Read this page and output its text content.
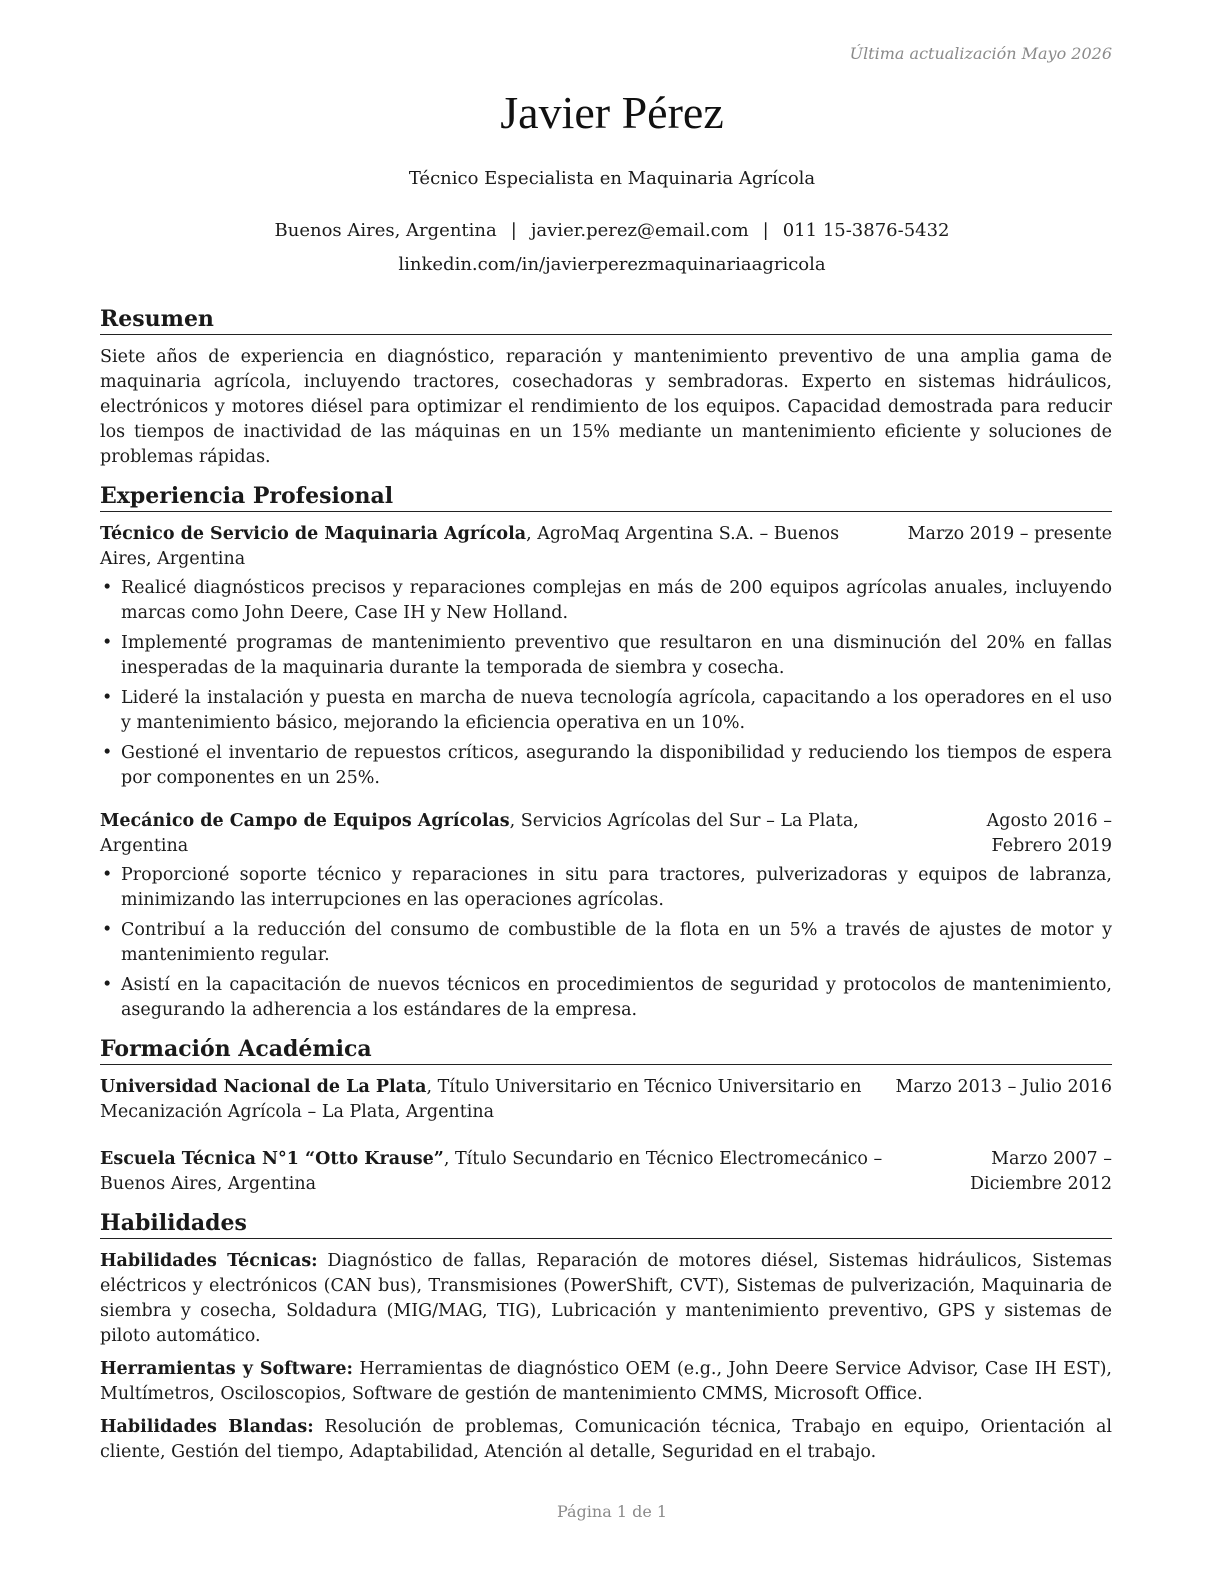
Última actualización Mayo 2026
Javier Pérez
Técnico Especialista en Maquinaria Agrícola
Buenos Aires, Argentina | javier.perez@email.com | 011 15-3876-5432
linkedin.com/in/javierperezmaquinariaagricola
Resumen

Siete años de experiencia en diagnóstico, reparación y mantenimiento preventivo de una amplia gama de maquinaria agrícola, incluyendo tractores, cosechadoras y sembradoras. Experto en sistemas hidráulicos, electrónicos y motores diésel para optimizar el rendimiento de los equipos. Capacidad demostrada para reducir los tiempos de inactividad de las máquinas en un 15% mediante un mantenimiento eficiente y soluciones de problemas rápidas.

Experiencia Profesional
Técnico de Servicio de Maquinaria Agrícola, AgroMaq Argentina S.A. – Buenos Aires, Argentina
Marzo 2019 – presente
• Realicé diagnósticos precisos y reparaciones complejas en más de 200 equipos agrícolas anuales, incluyendo marcas como John Deere, Case IH y New Holland.
• Implementé programas de mantenimiento preventivo que resultaron en una disminución del 20% en fallas inesperadas de la maquinaria durante la temporada de siembra y cosecha.
• Lideré la instalación y puesta en marcha de nueva tecnología agrícola, capacitando a los operadores en el uso y mantenimiento básico, mejorando la eficiencia operativa en un 10%.
• Gestioné el inventario de repuestos críticos, asegurando la disponibilidad y reduciendo los tiempos de espera por componentes en un 25%.
Mecánico de Campo de Equipos Agrícolas, Servicios Agrícolas del Sur – La Plata, Argentina
Agosto 2016 – Febrero 2019
• Proporcioné soporte técnico y reparaciones in situ para tractores, pulverizadoras y equipos de labranza, minimizando las interrupciones en las operaciones agrícolas.
• Contribuí a la reducción del consumo de combustible de la flota en un 5% a través de ajustes de motor y mantenimiento regular.
• Asistí en la capacitación de nuevos técnicos en procedimientos de seguridad y protocolos de mantenimiento, asegurando la adherencia a los estándares de la empresa.
Formación Académica
Universidad Nacional de La Plata, Título Universitario en Técnico Universitario en Mecanización Agrícola – La Plata, Argentina
Marzo 2013 – Julio 2016
Escuela Técnica N°1 “Otto Krause”, Título Secundario en Técnico Electromecánico – Buenos Aires, Argentina
Marzo 2007 – Diciembre 2012
Habilidades

Habilidades Técnicas: Diagnóstico de fallas, Reparación de motores diésel, Sistemas hidráulicos, Sistemas eléctricos y electrónicos (CAN bus), Transmisiones (PowerShift, CVT), Sistemas de pulverización, Maquinaria de siembra y cosecha, Soldadura (MIG/MAG, TIG), Lubricación y mantenimiento preventivo, GPS y sistemas de piloto automático.

Herramientas y Software: Herramientas de diagnóstico OEM (e.g., John Deere Service Advisor, Case IH EST), Multímetros, Osciloscopios, Software de gestión de mantenimiento CMMS, Microsoft Office.

Habilidades Blandas: Resolución de problemas, Comunicación técnica, Trabajo en equipo, Orientación al cliente, Gestión del tiempo, Adaptabilidad, Atención al detalle, Seguridad en el trabajo.

Página 1 de 1
